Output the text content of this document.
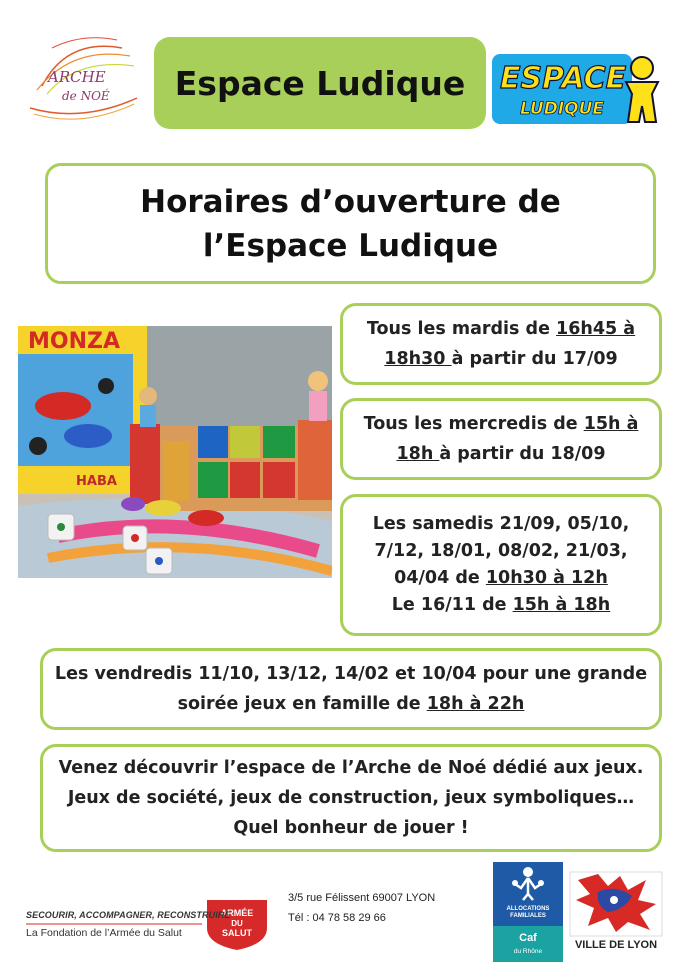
ARCHE
de NOÉ Espace Ludique ESPACE
LUDIQUE
Horaires d’ouverture de
l’Espace Ludique
MONZA
HABA
Tous les mardis de 16h45 à
18h30 à partir du 17/09
Tous les mercredis de 15h à
18h à partir du 18/09
Les samedis 21/09, 05/10,
7/12, 18/01, 08/02, 21/03,
04/04 de 10h30 à 12h
Le 16/11 de 15h à 18h
Les vendredis 11/10, 13/12, 14/02 et 10/04 pour une grande
soirée jeux en famille de 18h à 22h
Venez découvrir l’espace de l’Arche de Noé dédié aux jeux.
Jeux de société, jeux de construction, jeux symboliques…
Quel bonheur de jouer !
ARMÉE
DU
SALUT
SECOURIR, ACCOMPAGNER, RECONSTRUIRE
La Fondation de l’Armée du Salut
3/5 rue Félissent 69007 LYON
Tél : 04 78 58 29 66
ALLOCATIONS
FAMILIALES
Caf
du Rhône
VILLE DE LYON
